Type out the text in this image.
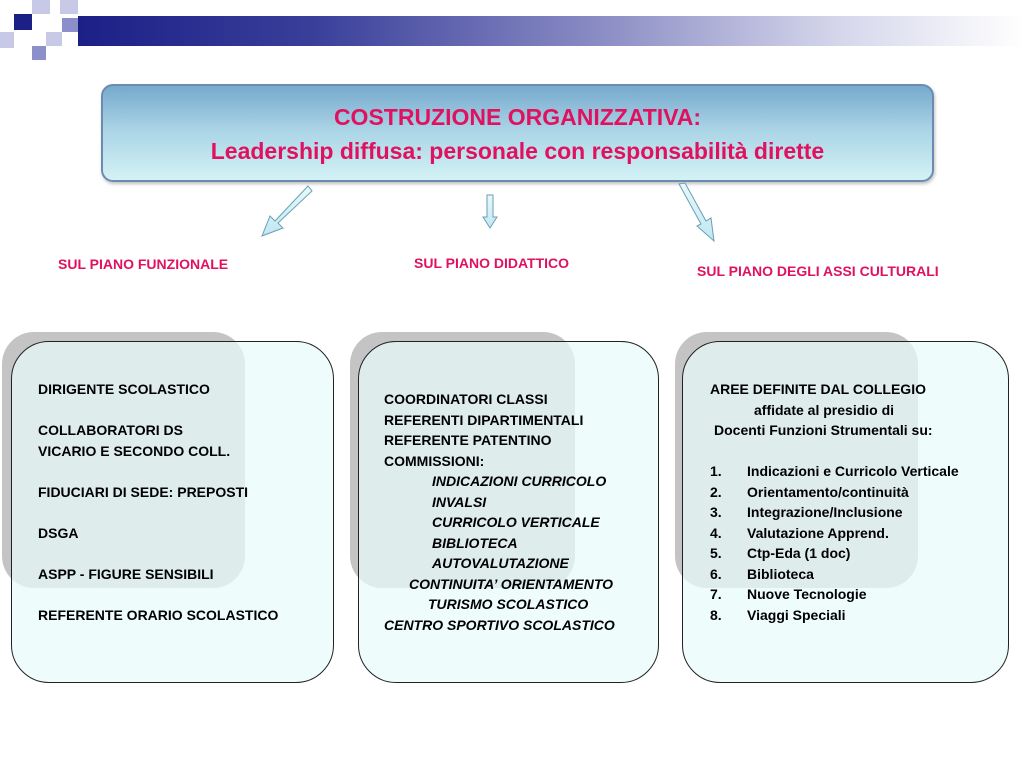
COSTRUZIONE ORGANIZZATIVA:
Leadership diffusa: personale con responsabilità dirette
SUL PIANO FUNZIONALE	SUL PIANO DIDATTICO	SUL PIANO DEGLI ASSI CULTURALI
DIRIGENTE SCOLASTICO

COLLABORATORI DS
VICARIO E SECONDO COLL.

FIDUCIARI DI SEDE: PREPOSTI

DSGA

ASPP - FIGURE SENSIBILI

REFERENTE ORARIO SCOLASTICO
COORDINATORI CLASSI
REFERENTI DIPARTIMENTALI
REFERENTE PATENTINO
COMMISSIONI:
INDICAZIONI CURRICOLO
INVALSI
CURRICOLO VERTICALE
BIBLIOTECA
AUTOVALUTAZIONE
CONTINUITA’ ORIENTAMENTO
TURISMO SCOLASTICO
CENTRO SPORTIVO SCOLASTICO
AREE DEFINITE DAL COLLEGIO
affidate al presidio di
Docenti Funzioni Strumentali su:

1. Indicazioni e Curricolo Verticale
2. Orientamento/continuità
3. Integrazione/Inclusione
4. Valutazione Apprend.
5. Ctp-Eda (1 doc)
6. Biblioteca
7. Nuove Tecnologie
8. Viaggi Speciali
